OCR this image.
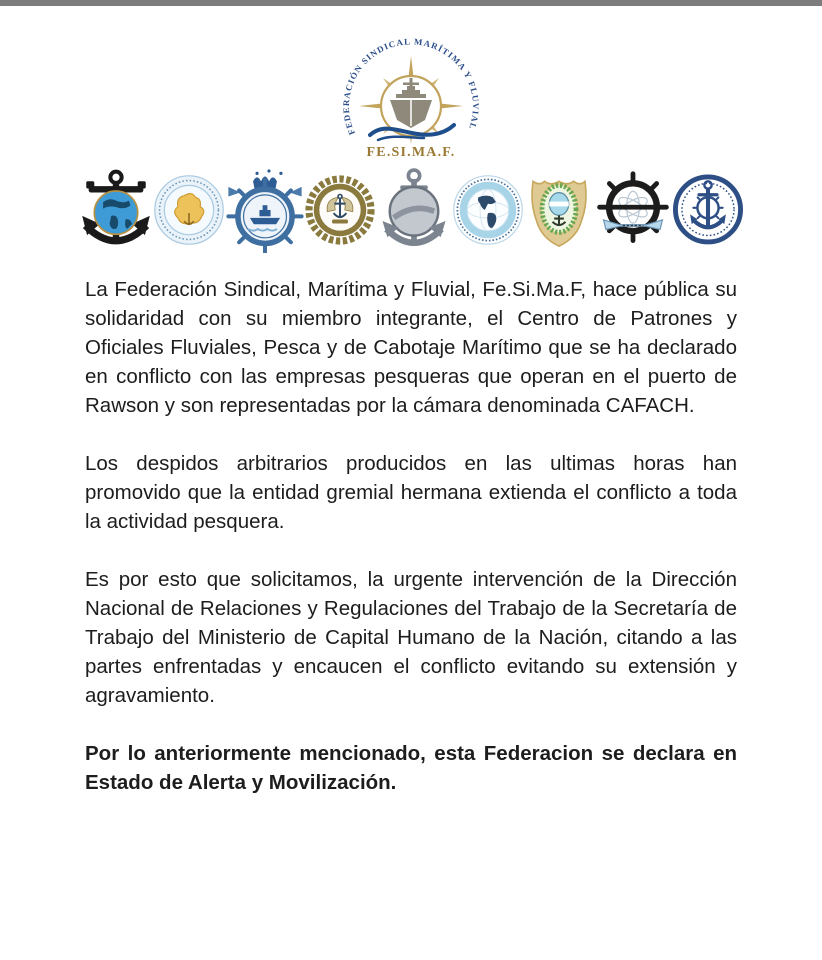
FEDERACIÓN SINDICAL MARÍTIMA Y FLUVIAL
FE.SI.MA.F.

La Federación Sindical, Marítima y Fluvial, Fe.Si.Ma.F, hace pública su solidaridad con su miembro integrante, el Centro de Patrones y Oficiales Fluviales, Pesca y de Cabotaje Marítimo que se ha declarado en conflicto con las empresas pesqueras que operan en el puerto de Rawson y son representadas por la cámara denominada CAFACH.

Los despidos arbitrarios producidos en las ultimas horas han promovido que la entidad gremial hermana extienda el conflicto a toda la actividad pesquera.

Es por esto que solicitamos, la urgente intervención de la Dirección Nacional de Relaciones y Regulaciones del Trabajo de la Secretaría de Trabajo del Ministerio de Capital Humano de la Nación, citando a las partes enfrentadas y encaucen el conflicto evitando su extensión y agravamiento.

Por lo anteriormente mencionado, esta Federacion se declara en Estado de Alerta y Movilización.
